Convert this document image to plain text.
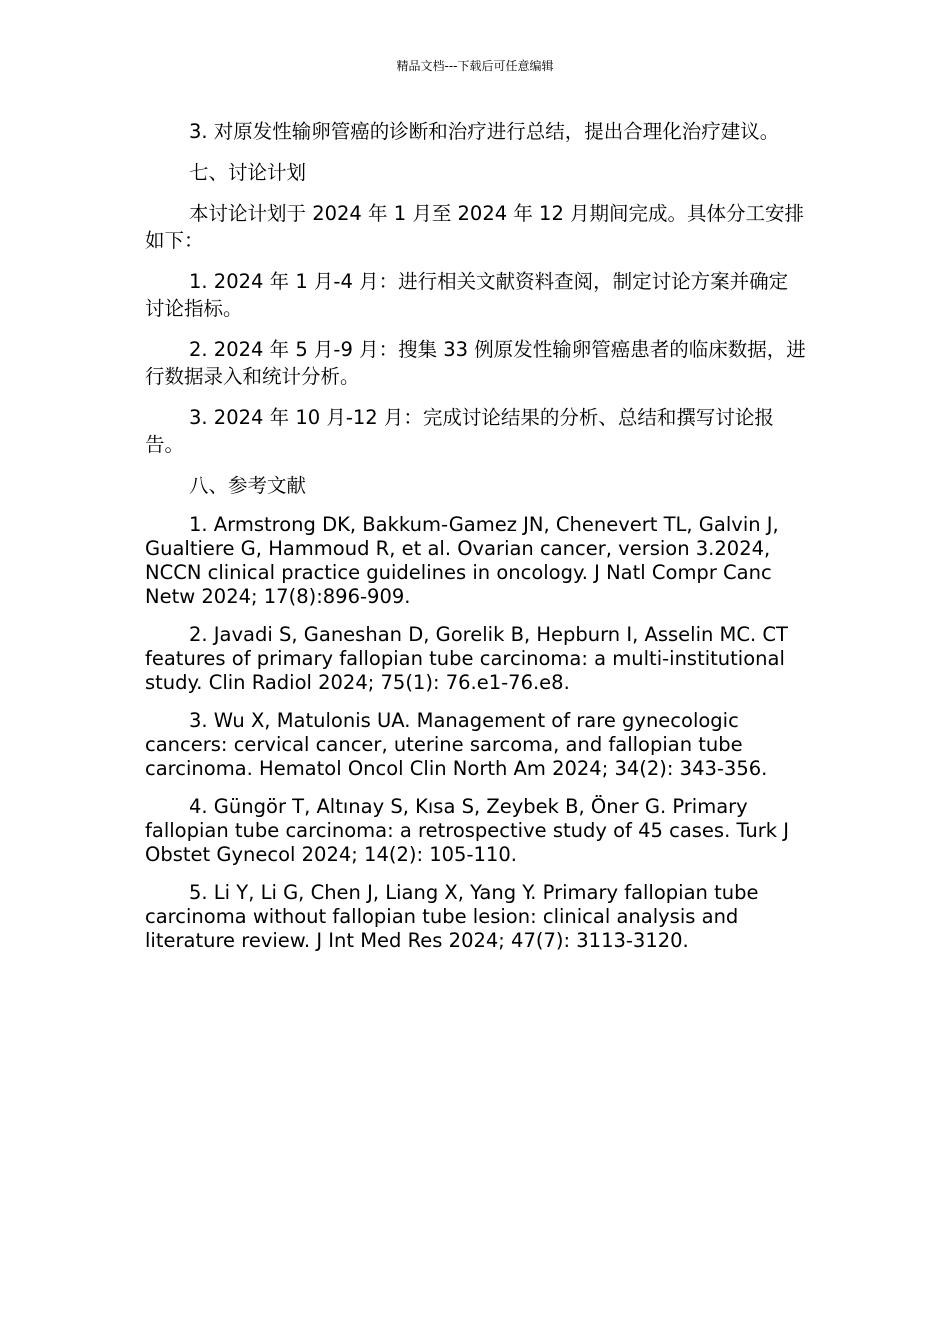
精品文档---下载后可任意编辑

3. 对原发性输卵管癌的诊断和治疗进行总结，提出合理化治疗建议。

七、讨论计划

本讨论计划于 2024 年 1 月至 2024 年 12 月期间完成。具体分工安排如下：

1. 2024 年 1 月-4 月：进行相关文献资料查阅，制定讨论方案并确定讨论指标。

2. 2024 年 5 月-9 月：搜集 33 例原发性输卵管癌患者的临床数据，进行数据录入和统计分析。

3. 2024 年 10 月-12 月：完成讨论结果的分析、总结和撰写讨论报告。

八、参考文献

1. Armstrong DK, Bakkum-Gamez JN, Chenevert TL, Galvin J, Gualtiere G, Hammoud R, et al. Ovarian cancer, version 3.2024, NCCN clinical practice guidelines in oncology. J Natl Compr Canc Netw 2024; 17(8):896-909.

2. Javadi S, Ganeshan D, Gorelik B, Hepburn I, Asselin MC. CT features of primary fallopian tube carcinoma: a multi-institutional study. Clin Radiol 2024; 75(1): 76.e1-76.e8.

3. Wu X, Matulonis UA. Management of rare gynecologic cancers: cervical cancer, uterine sarcoma, and fallopian tube carcinoma. Hematol Oncol Clin North Am 2024; 34(2): 343-356.

4. Güngör T, Altınay S, Kısa S, Zeybek B, Öner G. Primary fallopian tube carcinoma: a retrospective study of 45 cases. Turk J Obstet Gynecol 2024; 14(2): 105-110.

5. Li Y, Li G, Chen J, Liang X, Yang Y. Primary fallopian tube carcinoma without fallopian tube lesion: clinical analysis and literature review. J Int Med Res 2024; 47(7): 3113-3120.
